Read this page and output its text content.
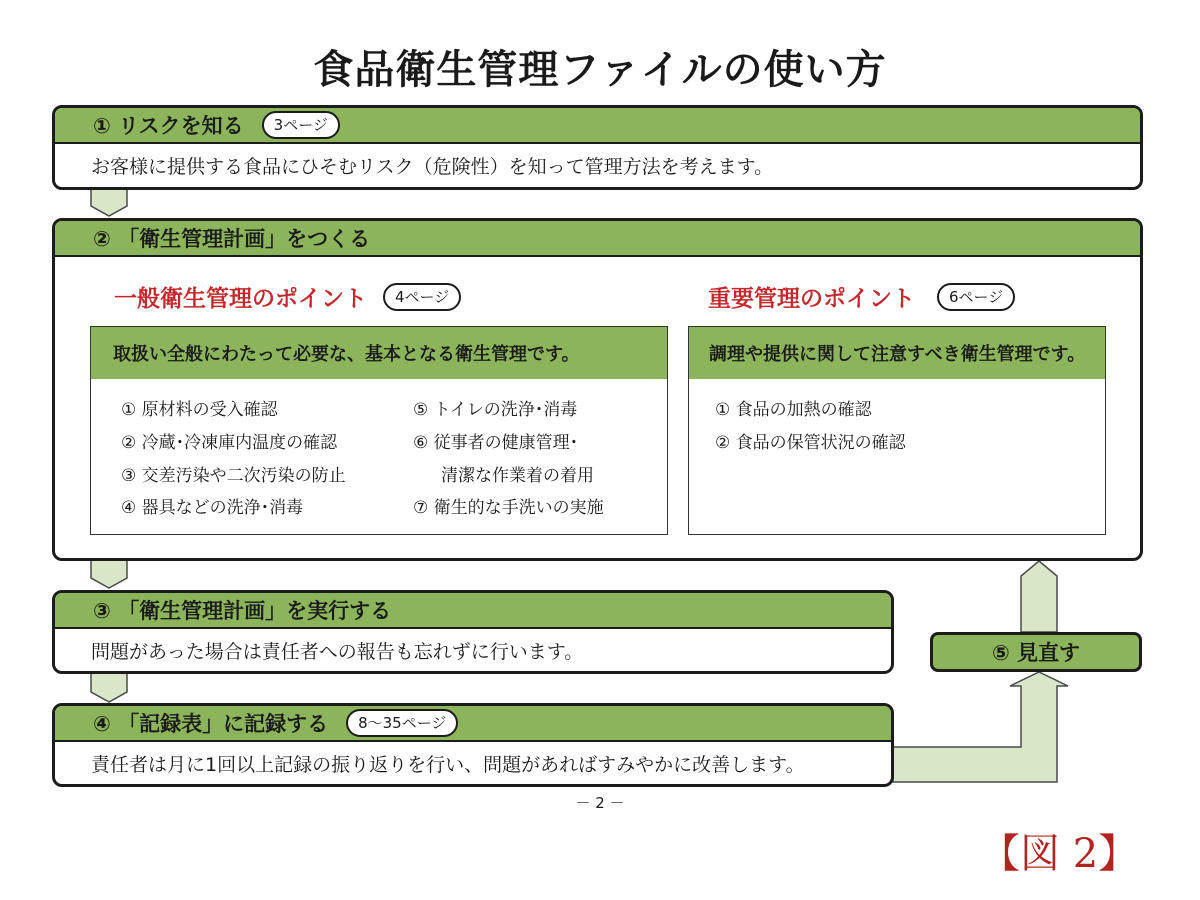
食品衛生管理ファイルの使い方
① リスクを知る	3ページ
お客様に提供する食品にひそむリスク（危険性）を知って管理方法を考えます。
② 「衛生管理計画」をつくる
一般衛生管理のポイント	4ページ	重要管理のポイント	6ページ
取扱い全般にわたって必要な、基本となる衛生管理です。
① 原材料の受入確認
② 冷蔵･冷凍庫内温度の確認
③ 交差汚染や二次汚染の防止
④ 器具などの洗浄･消毒
⑤ トイレの洗浄･消毒
⑥ 従事者の健康管理･
清潔な作業着の着用
⑦ 衛生的な手洗いの実施
調理や提供に関して注意すべき衛生管理です。
① 食品の加熱の確認
② 食品の保管状況の確認
③ 「衛生管理計画」を実行する
問題があった場合は責任者への報告も忘れずに行います。	⑤ 見直す
④ 「記録表」に記録する	8～35ページ
責任者は月に1回以上記録の振り返りを行い、問題があればすみやかに改善します。
－ 2 －
【図 2】
